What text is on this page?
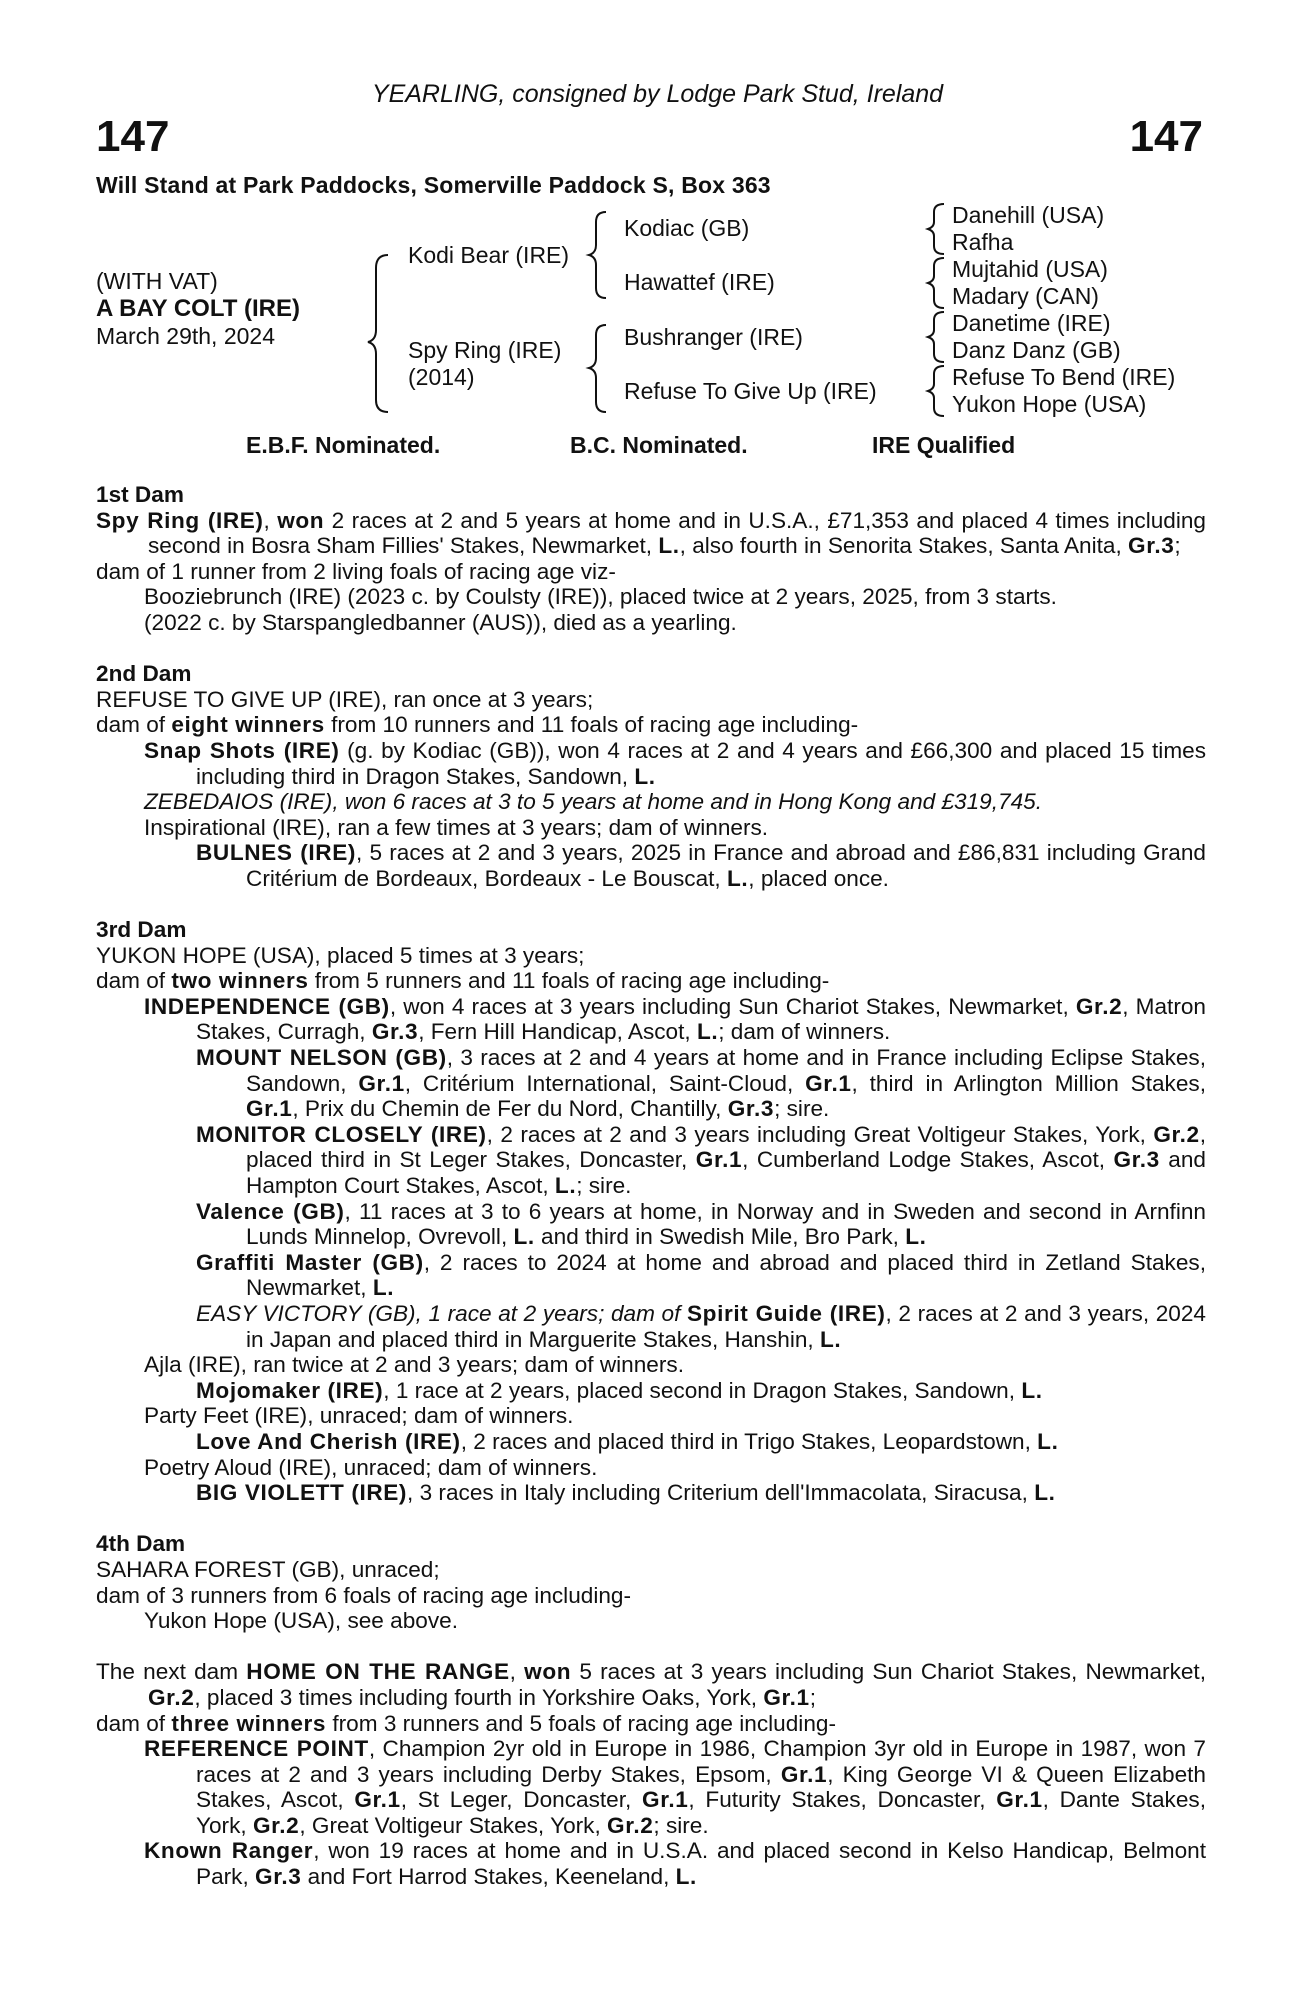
147	147
YEARLING, consigned by Lodge Park Stud, Ireland
Will Stand at Park Paddocks, Somerville Paddock S, Box 363
(WITH VAT)
A BAY COLT (IRE)
March 29th, 2024
Kodi Bear (IRE)
Spy Ring (IRE)
(2014)
Kodiac (GB)
Hawattef (IRE)
Bushranger (IRE)
Refuse To Give Up (IRE)
Danehill (USA)
Rafha
Mujtahid (USA)
Madary (CAN)
Danetime (IRE)
Danz Danz (GB)
Refuse To Bend (IRE)
Yukon Hope (USA)
E.B.F. Nominated.	B.C. Nominated.	IRE Qualified
1st Dam
Spy Ring (IRE), won 2 races at 2 and 5 years at home and in U.S.A., £71,353 and placed 4 times including second in Bosra Sham Fillies' Stakes, Newmarket, L., also fourth in Senorita Stakes, Santa Anita, Gr.3;
dam of 1 runner from 2 living foals of racing age viz-
Booziebrunch (IRE) (2023 c. by Coulsty (IRE)), placed twice at 2 years, 2025, from 3 starts.
(2022 c. by Starspangledbanner (AUS)), died as a yearling.
2nd Dam
REFUSE TO GIVE UP (IRE), ran once at 3 years;
dam of eight winners from 10 runners and 11 foals of racing age including-
Snap Shots (IRE) (g. by Kodiac (GB)), won 4 races at 2 and 4 years and £66,300 and placed 15 times including third in Dragon Stakes, Sandown, L.
ZEBEDAIOS (IRE), won 6 races at 3 to 5 years at home and in Hong Kong and £319,745.
Inspirational (IRE), ran a few times at 3 years; dam of winners.
BULNES (IRE), 5 races at 2 and 3 years, 2025 in France and abroad and £86,831 including Grand Critérium de Bordeaux, Bordeaux - Le Bouscat, L., placed once.
3rd Dam
YUKON HOPE (USA), placed 5 times at 3 years;
dam of two winners from 5 runners and 11 foals of racing age including-
INDEPENDENCE (GB), won 4 races at 3 years including Sun Chariot Stakes, Newmarket, Gr.2, Matron Stakes, Curragh, Gr.3, Fern Hill Handicap, Ascot, L.; dam of winners.
MOUNT NELSON (GB), 3 races at 2 and 4 years at home and in France including Eclipse Stakes, Sandown, Gr.1, Critérium International, Saint-Cloud, Gr.1, third in Arlington Million Stakes, Gr.1, Prix du Chemin de Fer du Nord, Chantilly, Gr.3; sire.
MONITOR CLOSELY (IRE), 2 races at 2 and 3 years including Great Voltigeur Stakes, York, Gr.2, placed third in St Leger Stakes, Doncaster, Gr.1, Cumberland Lodge Stakes, Ascot, Gr.3 and Hampton Court Stakes, Ascot, L.; sire.
Valence (GB), 11 races at 3 to 6 years at home, in Norway and in Sweden and second in Arnfinn Lunds Minnelop, Ovrevoll, L. and third in Swedish Mile, Bro Park, L.
Graffiti Master (GB), 2 races to 2024 at home and abroad and placed third in Zetland Stakes, Newmarket, L.
EASY VICTORY (GB), 1 race at 2 years; dam of Spirit Guide (IRE), 2 races at 2 and 3 years, 2024 in Japan and placed third in Marguerite Stakes, Hanshin, L.
Ajla (IRE), ran twice at 2 and 3 years; dam of winners.
Mojomaker (IRE), 1 race at 2 years, placed second in Dragon Stakes, Sandown, L.
Party Feet (IRE), unraced; dam of winners.
Love And Cherish (IRE), 2 races and placed third in Trigo Stakes, Leopardstown, L.
Poetry Aloud (IRE), unraced; dam of winners.
BIG VIOLETT (IRE), 3 races in Italy including Criterium dell'Immacolata, Siracusa, L.
4th Dam
SAHARA FOREST (GB), unraced;
dam of 3 runners from 6 foals of racing age including-
Yukon Hope (USA), see above.
The next dam HOME ON THE RANGE, won 5 races at 3 years including Sun Chariot Stakes, Newmarket, Gr.2, placed 3 times including fourth in Yorkshire Oaks, York, Gr.1;
dam of three winners from 3 runners and 5 foals of racing age including-
REFERENCE POINT, Champion 2yr old in Europe in 1986, Champion 3yr old in Europe in 1987, won 7 races at 2 and 3 years including Derby Stakes, Epsom, Gr.1, King George VI & Queen Elizabeth Stakes, Ascot, Gr.1, St Leger, Doncaster, Gr.1, Futurity Stakes, Doncaster, Gr.1, Dante Stakes, York, Gr.2, Great Voltigeur Stakes, York, Gr.2; sire.
Known Ranger, won 19 races at home and in U.S.A. and placed second in Kelso Handicap, Belmont Park, Gr.3 and Fort Harrod Stakes, Keeneland, L.
